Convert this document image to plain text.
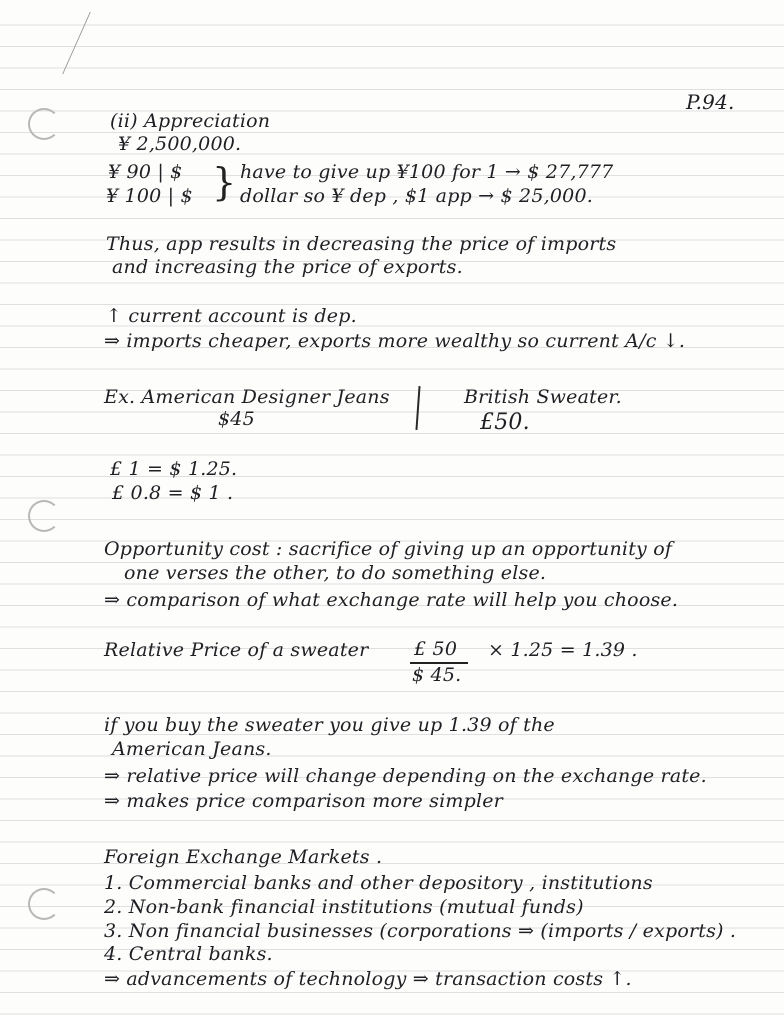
P.94.
(ii) Appreciation
¥ 2,500,000.
¥ 90 | $
¥ 100 | $ } have to give up ¥100 for 1 → $ 27,777
dollar so ¥ dep , $1 app → $ 25,000.
Thus, app results in decreasing the price of imports
and increasing the price of exports.
↑ current account is dep.
⇒ imports cheaper, exports more wealthy so current A/c ↓.
Ex. American Designer Jeans
$45
British Sweater.
£50.
£ 1 = $ 1.25.
£ 0.8 = $ 1 .
Opportunity cost : sacrifice of giving up an opportunity of
one verses the other, to do something else.
⇒ comparison of what exchange rate will help you choose.
Relative Price of a sweater £ 50
$ 45.
× 1.25 = 1.39 .
if you buy the sweater you give up 1.39 of the
American Jeans.
⇒ relative price will change depending on the exchange rate.
⇒ makes price comparison more simpler
Foreign Exchange Markets .
1. Commercial banks and other depository , institutions
2. Non-bank financial institutions (mutual funds)
3. Non financial businesses (corporations ⇒ (imports / exports) .
4. Central banks.
⇒ advancements of technology ⇒ transaction costs ↑.
